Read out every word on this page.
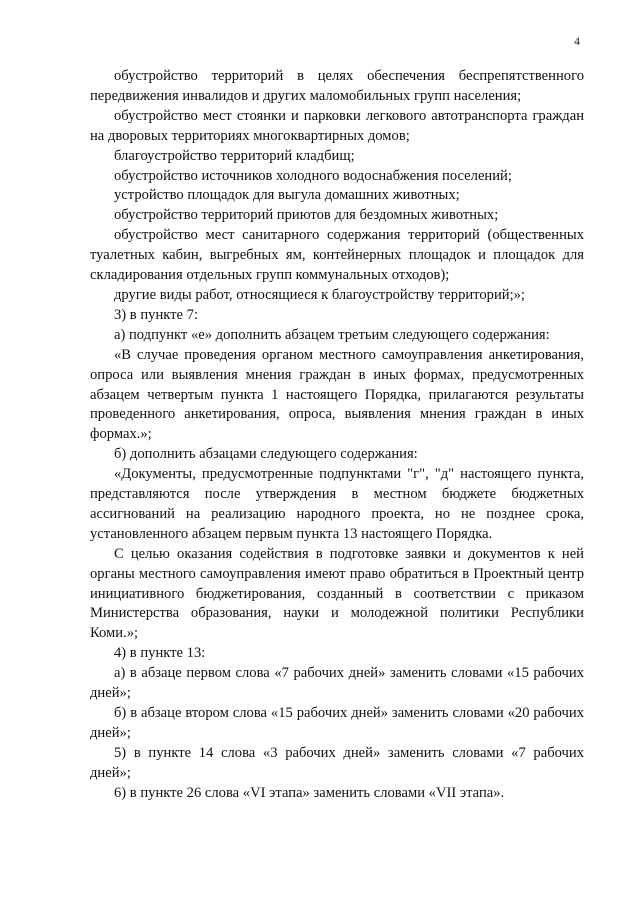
4

обустройство территорий в целях обеспечения беспрепятственного передвижения инвалидов и других маломобильных групп населения;

обустройство мест стоянки и парковки легкового автотранспорта граждан на дворовых территориях многоквартирных домов;

благоустройство территорий кладбищ;

обустройство источников холодного водоснабжения поселений;

устройство площадок для выгула домашних животных;

обустройство территорий приютов для бездомных животных;

обустройство мест санитарного содержания территорий (общественных туалетных кабин, выгребных ям, контейнерных площадок и площадок для складирования отдельных групп коммунальных отходов);

другие виды работ, относящиеся к благоустройству территорий;»;

3) в пункте 7:

а) подпункт «е» дополнить абзацем третьим следующего содержания:

«В случае проведения органом местного самоуправления анкетирования, опроса или выявления мнения граждан в иных формах, предусмотренных абзацем четвертым пункта 1 настоящего Порядка, прилагаются результаты проведенного анкетирования, опроса, выявления мнения граждан в иных формах.»;

б) дополнить абзацами следующего содержания:

«Документы, предусмотренные подпунктами "г", "д" настоящего пункта, представляются после утверждения в местном бюджете бюджетных ассигнований на реализацию народного проекта, но не позднее срока, установленного абзацем первым пункта 13 настоящего Порядка.

С целью оказания содействия в подготовке заявки и документов к ней органы местного самоуправления имеют право обратиться в Проектный центр инициативного бюджетирования, созданный в соответствии с приказом Министерства образования, науки и молодежной политики Республики Коми.»;

4) в пункте 13:

а) в абзаце первом слова «7 рабочих дней» заменить словами «15 рабочих дней»;

б) в абзаце втором слова «15 рабочих дней» заменить словами «20 рабочих дней»;

5) в пункте 14 слова «3 рабочих дней» заменить словами «7 рабочих дней»;

6) в пункте 26 слова «VI этапа» заменить словами «VII этапа».
